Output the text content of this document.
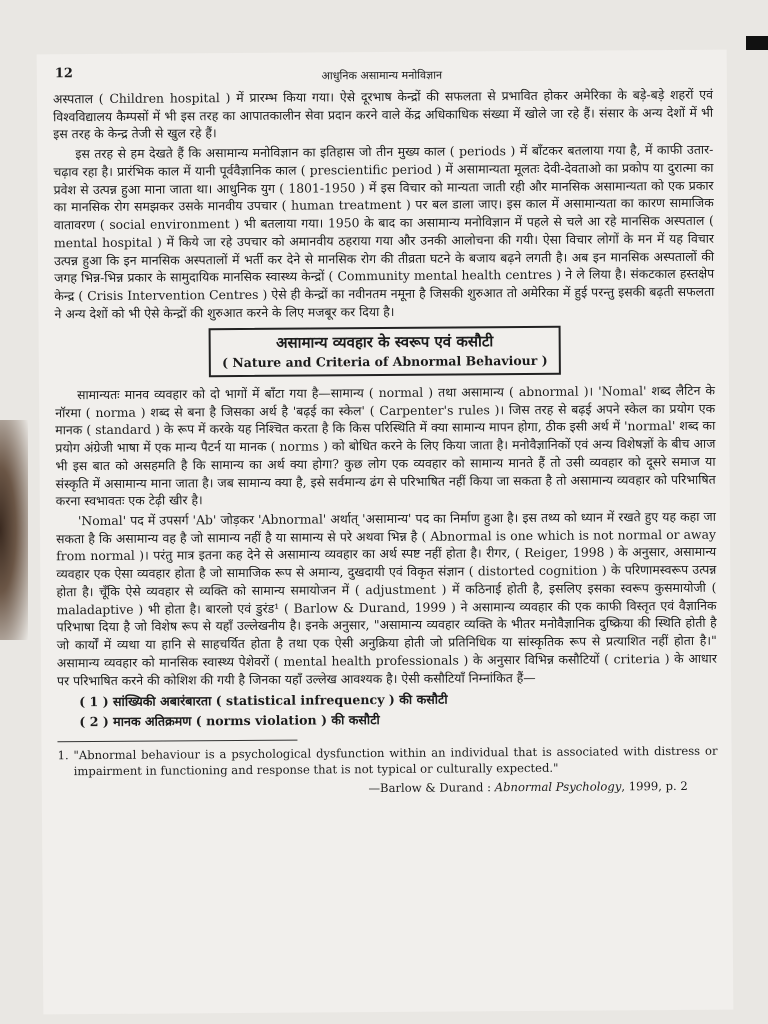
12	आधुनिक असामान्य मनोविज्ञान

अस्पताल ( Children hospital ) में प्रारम्भ किया गया। ऐसे दूरभाष केन्द्रों की सफलता से प्रभावित होकर अमेरिका के बड़े-बड़े शहरों एवं विश्वविद्यालय कैम्पसों में भी इस तरह का आपातकालीन सेवा प्रदान करने वाले केंद्र अधिकाधिक संख्या में खोले जा रहे हैं। संसार के अन्य देशों में भी इस तरह के केन्द्र तेजी से खुल रहे हैं।

इस तरह से हम देखते हैं कि असामान्य मनोविज्ञान का इतिहास जो तीन मुख्य काल ( periods ) में बाँटकर बतलाया गया है, में काफी उतार-चढ़ाव रहा है। प्रारंभिक काल में यानी पूर्ववैज्ञानिक काल ( prescientific period ) में असामान्यता मूलतः देवी-देवताओ का प्रकोप या दुरात्मा का प्रवेश से उत्पन्न हुआ माना जाता था। आधुनिक युग ( 1801-1950 ) में इस विचार को मान्यता जाती रही और मानसिक असामान्यता को एक प्रकार का मानसिक रोग समझकर उसके मानवीय उपचार ( human treatment ) पर बल डाला जाए। इस काल में असामान्यता का कारण सामाजिक वातावरण ( social environment ) भी बतलाया गया। 1950 के बाद का असामान्य मनोविज्ञान में पहले से चले आ रहे मानसिक अस्पताल ( mental hospital ) में किये जा रहे उपचार को अमानवीय ठहराया गया और उनकी आलोचना की गयी। ऐसा विचार लोगों के मन में यह विचार उत्पन्न हुआ कि इन मानसिक अस्पतालों में भर्ती कर देने से मानसिक रोग की तीव्रता घटने के बजाय बढ़ने लगती है। अब इन मानसिक अस्पतालों की जगह भिन्न-भिन्न प्रकार के सामुदायिक मानसिक स्वास्थ्य केन्द्रों ( Community mental health centres ) ने ले लिया है। संकटकाल हस्तक्षेप केन्द्र ( Crisis Intervention Centres ) ऐसे ही केन्द्रों का नवीनतम नमूना है जिसकी शुरुआत तो अमेरिका में हुई परन्तु इसकी बढ़ती सफलता ने अन्य देशों को भी ऐसे केन्द्रों की शुरुआत करने के लिए मजबूर कर दिया है।

असामान्य व्यवहार के स्वरूप एवं कसौटी
( Nature and Criteria of Abnormal Behaviour )

सामान्यतः मानव व्यवहार को दो भागों में बाँटा गया है—सामान्य ( normal ) तथा असामान्य ( abnormal )। 'Nomal' शब्द लैटिन के नॉरमा ( norma ) शब्द से बना है जिसका अर्थ है 'बढ़ई का स्केल' ( Carpenter's rules )। जिस तरह से बढ़ई अपने स्केल का प्रयोग एक मानक ( standard ) के रूप में करके यह निश्चित करता है कि किस परिस्थिति में क्या सामान्य मापन होगा, ठीक इसी अर्थ में 'normal' शब्द का प्रयोग अंग्रेजी भाषा में एक मान्य पैटर्न या मानक ( norms ) को बोधित करने के लिए किया जाता है। मनोवैज्ञानिकों एवं अन्य विशेषज्ञों के बीच आज भी इस बात को असहमति है कि सामान्य का अर्थ क्या होगा? कुछ लोग एक व्यवहार को सामान्य मानते हैं तो उसी व्यवहार को दूसरे समाज या संस्कृति में असामान्य माना जाता है। जब सामान्य क्या है, इसे सर्वमान्य ढंग से परिभाषित नहीं किया जा सकता है तो असामान्य व्यवहार को परिभाषित करना स्वभावतः एक टेढ़ी खीर है।

'Nomal' पद में उपसर्ग 'Ab' जोड़कर 'Abnormal' अर्थात् 'असामान्य' पद का निर्माण हुआ है। इस तथ्य को ध्यान में रखते हुए यह कहा जा सकता है कि असामान्य वह है जो सामान्य नहीं है या सामान्य से परे अथवा भिन्न है ( Abnormal is one which is not normal or away from normal )। परंतु मात्र इतना कह देने से असामान्य व्यवहार का अर्थ स्पष्ट नहीं होता है। रीगर, ( Reiger, 1998 ) के अनुसार, असामान्य व्यवहार एक ऐसा व्यवहार होता है जो सामाजिक रूप से अमान्य, दुखदायी एवं विकृत संज्ञान ( distorted cognition ) के परिणामस्वरूप उत्पन्न होता है। चूँकि ऐसे व्यवहार से व्यक्ति को सामान्य समायोजन में ( adjustment ) में कठिनाई होती है, इसलिए इसका स्वरूप कुसमायोजी ( maladaptive ) भी होता है। बारलो एवं डुरंड¹ ( Barlow & Durand, 1999 ) ने असामान्य व्यवहार की एक काफी विस्तृत एवं वैज्ञानिक परिभाषा दिया है जो विशेष रूप से यहाँ उल्लेखनीय है। इनके अनुसार, "असामान्य व्यवहार व्यक्ति के भीतर मनोवैज्ञानिक दुष्क्रिया की स्थिति होती है जो कार्यों में व्यथा या हानि से साहचर्यित होता है तथा एक ऐसी अनुक्रिया होती जो प्रतिनिधिक या सांस्कृतिक रूप से प्रत्याशित नहीं होता है।" असामान्य व्यवहार को मानसिक स्वास्थ्य पेशेवरों ( mental health professionals ) के अनुसार विभिन्न कसौटियों ( criteria ) के आधार पर परिभाषित करने की कोशिश की गयी है जिनका यहाँ उल्लेख आवश्यक है। ऐसी कसौटियाँ निम्नांकित हैं—

( 1 ) सांख्यिकी अबारंबारता ( statistical infrequency ) की कसौटी
( 2 ) मानक अतिक्रमण ( norms violation ) की कसौटी
1. "Abnormal behaviour is a psychological dysfunction within an individual that is associated with distress or impairment in functioning and response that is not typical or culturally expected."
—Barlow & Durand : Abnormal Psychology, 1999, p. 2
